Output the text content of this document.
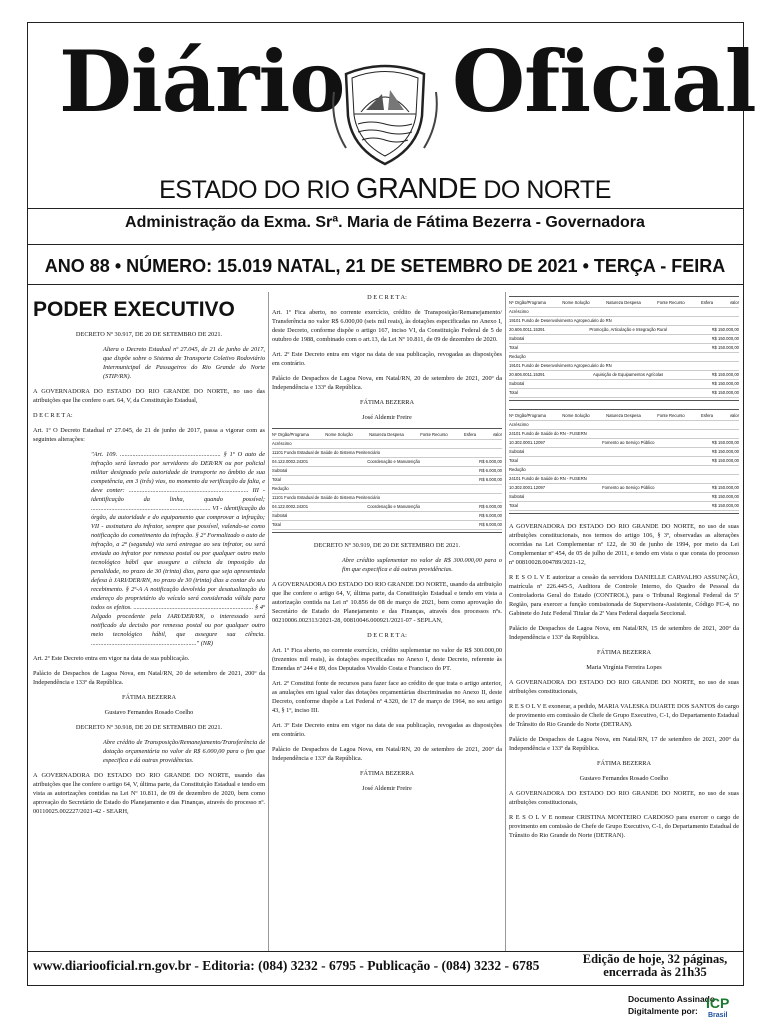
Diário Oficial
ESTADO DO RIO GRANDE DO NORTE
Administração da Exma. Srª. Maria de Fátima Bezerra - Governadora
ANO 88 • NÚMERO: 15.019 NATAL, 21 DE SETEMBRO DE 2021 • TERÇA - FEIRA
PODER EXECUTIVO

DECRETO Nº 30.917, DE 20 DE SETEMBRO DE 2021.

Altera o Decreto Estadual nº 27.045, de 21 de junho de 2017, que dispõe sobre o Sistema de Transporte Coletivo Rodoviário Intermunicipal de Passageiros do Rio Grande do Norte (STIP/RN).

A GOVERNADORA DO ESTADO DO RIO GRANDE DO NORTE, no uso das atribuições que lhe confere o art. 64, V, da Constituição Estadual,

D E C R E T A:

Art. 1º O Decreto Estadual nº 27.045, de 21 de junho de 2017, passa a vigorar com as seguintes alterações:

"Art. 109. ................................................................ § 1º O auto de infração será lavrado por servidores do DER/RN ou por policial militar designado pela autoridade de transporte no âmbito de sua competência, em 3 (três) vias, no momento da verificação da falta, e deve conter: ............................................................................ III - identificação da linha, quando possível; ............................................................................ VI - identificação do órgão, da autoridade e do equipamento que comprovar a infração; VII - assinatura do infrator, sempre que possível, valendo-se como notificação do cometimento da infração. § 2º Formalizado o auto de infração, a 2ª (segunda) via será entregue ao seu infrator, ou será enviada ao infrator por remessa postal ou por qualquer outro meio tecnológico hábil que assegure a ciência da imposição da penalidade, no prazo de 30 (trinta) dias, para que seja apresentada defesa à JARI/DER/RN, no prazo de 30 (trinta) dias a contar do seu recebimento. § 2º-A A notificação devolvida por desatualização do endereço do proprietário do veículo será considerada válida para todos os efeitos. ............................................................................ § 4º Julgado procedente pela JARI/DER/RN, o interessado será notificado da decisão por remessa postal ou por qualquer outro meio tecnológico hábil, que assegure sua ciência. ..................................................................." (NR)

Art. 2º Este Decreto entra em vigor na data de sua publicação.

Palácio de Despachos de Lagoa Nova, em Natal/RN, 20 de setembro de 2021, 200º da Independência e 133º da República.

FÁTIMA BEZERRA

Gustavo Fernandes Rosado Coelho

DECRETO Nº 30.918, DE 20 DE SETEMBRO DE 2021.

Abre crédito de Transposição/Remanejamento/Transferência de dotação orçamentária no valor de R$ 6.000,00 para o fim que especifica e dá outras providências.

A GOVERNADORA DO ESTADO DO RIO GRANDE DO NORTE, usando das atribuições que lhe confere o artigo 64, V, última parte, da Constituição Estadual e tendo em vista as autorizações contidas na Lei Nº 10.811, de 09 de dezembro de 2020, bem como aprovação do Secretário de Estado do Planejamento e das Finanças, através do processo nº. 00110025.002227/2021-42 - SEARH,

D E C R E T A:

Art. 1º Fica aberto, no corrente exercício, crédito de Transposição/Remanejamento/ Transferência no valor R$ 6.000,00 (seis mil reais), às dotações especificadas no Anexo I, deste Decreto, conforme dispõe o artigo 167, inciso VI, da Constituição Federal de 5 de outubro de 1988, combinado com o art.13, da Lei Nº 10.811, de 09 de dezembro de 2020.

Art. 2º Este Decreto entra em vigor na data de sua publicação, revogadas as disposições em contrário.

Palácio de Despachos de Lagoa Nova, em Natal/RN, 20 de setembro de 2021, 200º da Independência e 133º da República.

FÁTIMA BEZERRA

José Aldemir Freire

Nº Orgão/Programa	Nome Solução	Natureza Despesa	Fonte Recurso	Esfera	Valor
Acréscimo
11101 Fundo Estadual de Saúde do Sistema Penitenciário
04.122.0002.24201	Coordenação e Manutenção	R$ 6.000,00
Subtotal	R$ 6.000,00
Total	R$ 6.000,00
Redução
11101 Fundo Estadual de Saúde do Sistema Penitenciário
04.122.0002.24201	Coordenação e Manutenção	R$ 6.000,00
Subtotal	R$ 6.000,00
Total	R$ 6.000,00

DECRETO Nº 30.919, DE 20 DE SETEMBRO DE 2021.

Abre crédito suplementar no valor de R$ 300.000,00 para o fim que especifica e dá outras providências.

A GOVERNADORA DO ESTADO DO RIO GRANDE DO NORTE, usando da atribuição que lhe confere o artigo 64, V, última parte, da Constituição Estadual e tendo em vista a autorização contida na Lei nº 10.856 de 08 de março de 2021, bem como aprovação do Secretário de Estado do Planejamento e das Finanças, através dos processos nºs. 00210006.002313/2021-28, 00810046.000921/2021-07 - SEPLAN,

D E C R E T A:

Art. 1º Fica aberto, no corrente exercício, crédito suplementar no valor de R$ 300.000,00 (trezentos mil reais), às dotações especificadas no Anexo I, deste Decreto, referente às Emendas nº 244 e 89, dos Deputados Vivaldo Costa e Francisco do PT.

Art. 2º Constitui fonte de recursos para fazer face ao crédito de que trata o artigo anterior, as anulações em igual valor das dotações orçamentárias discriminadas no Anexo II, deste Decreto, conforme dispõe a Lei Federal nº 4.320, de 17 de março de 1964, no seu artigo 43, § 1º, inciso III.

Art. 3º Este Decreto entra em vigor na data de sua publicação, revogadas as disposições em contrário.

Palácio de Despachos de Lagoa Nova, em Natal/RN, 20 de setembro de 2021, 200º da Independência e 133º da República.

FÁTIMA BEZERRA

José Aldemir Freire

Nº Orgão/Programa	Nome Solução	Natureza Despesa	Fonte Recurso	Esfera	Valor
Acréscimo
19101 Fundo de Desenvolvimento Agropecuário do RN
20.606.0011.15391	Promoção, Articulação e Integração Rural	R$ 150.000,00
Subtotal	R$ 150.000,00
Total	R$ 150.000,00
Redução
19101 Fundo de Desenvolvimento Agropecuário do RN
20.606.0011.15391	Aquisição de Equipamentos Agrícolas	R$ 150.000,00
Subtotal	R$ 150.000,00
Total	R$ 150.000,00
Nº Orgão/Programa	Nome Solução	Natureza Despesa	Fonte Recurso	Esfera	Valor
Acréscimo
24101 Fundo de Saúde do RN - FUSERN
10.302.0001.12097	Fomento ao Serviço Público	R$ 150.000,00
Subtotal	R$ 150.000,00
Total	R$ 150.000,00
Redução
24101 Fundo de Saúde do RN - FUSERN
10.302.0001.12097	Fomento ao Serviço Público	R$ 150.000,00
Subtotal	R$ 150.000,00
Total	R$ 150.000,00

A GOVERNADORA DO ESTADO DO RIO GRANDE DO NORTE, no uso de suas atribuições constitucionais, nos termos do artigo 106, § 3º, observadas as alterações ocorridas na Lei Complementar nº 122, de 30 de junho de 1994, por meio da Lei Complementar nº 454, de 05 de julho de 2011, e tendo em vista o que consta do processo nº 00810028.004789/2021-12,

R E S O L V E autorizar a cessão da servidora DANIELLE CARVALHO ASSUNÇÃO, matrícula nº 226.445-5, Auditora de Controle Interno, do Quadro de Pessoal da Controladoria Geral do Estado (CONTROL), para o Tribunal Regional Federal da 5ª Região, para exercer a função comissionada de Supervisora-Assistente, Código FC-4, no Gabinete do Juiz Federal Titular da 2ª Vara Federal daquela Seccional.

Palácio de Despachos de Lagoa Nova, em Natal/RN, 15 de setembro de 2021, 200º da Independência e 133º da República.

FÁTIMA BEZERRA

Maria Virgínia Ferreira Lopes

A GOVERNADORA DO ESTADO DO RIO GRANDE DO NORTE, no uso de suas atribuições constitucionais,

R E S O L V E exonerar, a pedido, MARIA VALESKA DUARTE DOS SANTOS do cargo de provimento em comissão de Chefe de Grupo Executivo, C-1, do Departamento Estadual de Trânsito do Rio Grande do Norte (DETRAN).

Palácio de Despachos de Lagoa Nova, em Natal/RN, 17 de setembro de 2021, 200º da Independência e 133º da República.

FÁTIMA BEZERRA

Gustavo Fernandes Rosado Coelho

A GOVERNADORA DO ESTADO DO RIO GRANDE DO NORTE, no uso de suas atribuições constitucionais,

R E S O L V E nomear CRISTINA MONTEIRO CARDOSO para exercer o cargo de provimento em comissão de Chefe de Grupo Executivo, C-1, do Departamento Estadual de Trânsito do Rio Grande do Norte (DETRAN).

www.diariooficial.rn.gov.br - Editoria: (084) 3232 - 6795 - Publicação - (084) 3232 - 6785	Edição de hoje, 32 páginas,
encerrada às 21h35
Documento Assinado
Digitalmente por: ICP
Brasil
